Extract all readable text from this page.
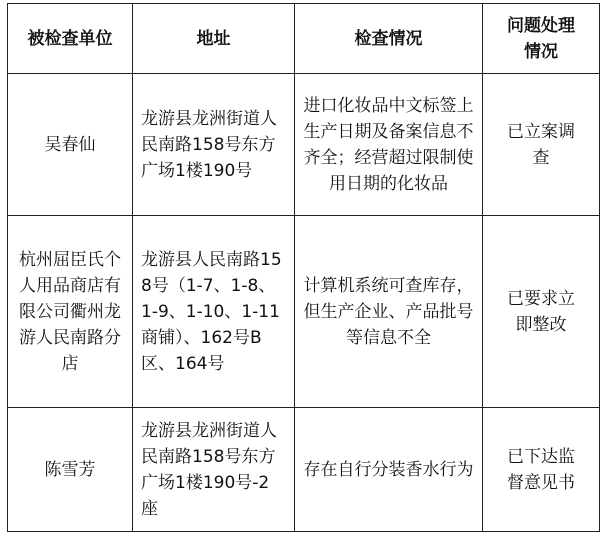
被检查单位	地址	检查情况	问题处理情况
吴春仙	龙游县龙洲街道人民南路158号东方广场1楼190号	进口化妆品中文标签上生产日期及备案信息不齐全；经营超过限制使用日期的化妆品	已立案调查
杭州屈臣氏个人用品商店有限公司衢州龙游人民南路分店	龙游县人民南路158号（1-7、1-8、1-9、1-10、1-11商铺）、162号B区、164号	计算机系统可查库存，但生产企业、产品批号等信息不全	已要求立即整改
陈雪芳	龙游县龙洲街道人民南路158号东方广场1楼190号-2座	存在自行分装香水行为	已下达监督意见书
